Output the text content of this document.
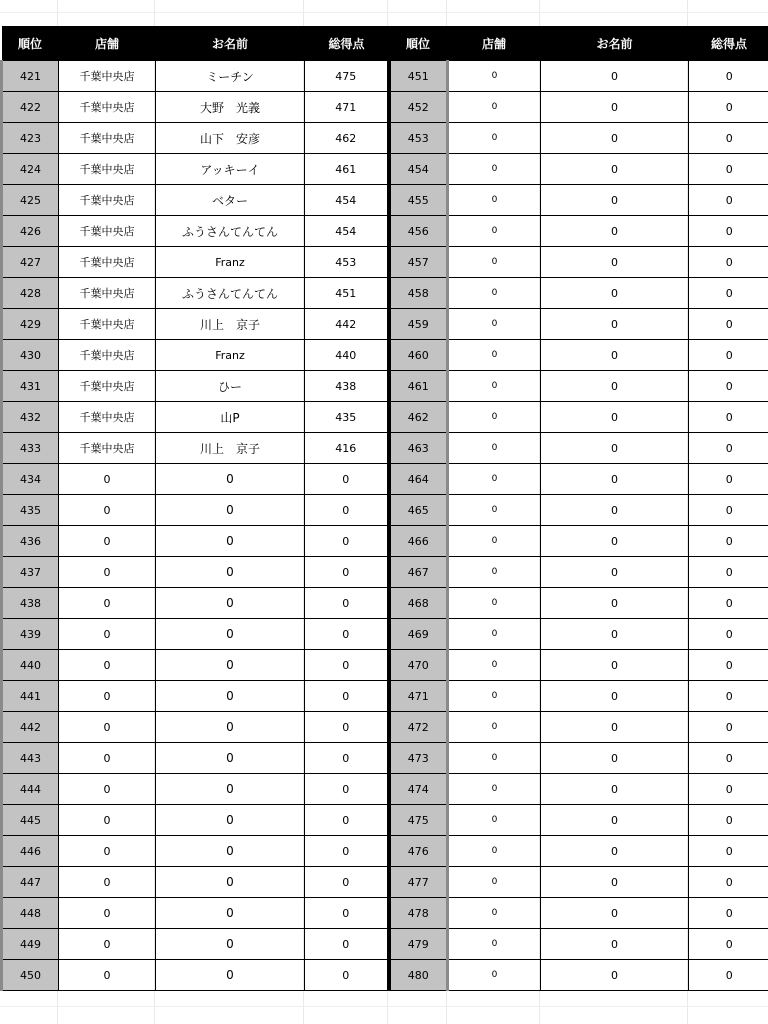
順位	店舗	お名前	総得点	順位	店舗	お名前	総得点
421	千葉中央店	ミーチン	475	451	0	0	0
422	千葉中央店	大野　光義	471	452	0	0	0
423	千葉中央店	山下　安彦	462	453	0	0	0
424	千葉中央店	アッキーイ	461	454	0	0	0
425	千葉中央店	ベター	454	455	0	0	0
426	千葉中央店	ふうさんてんてん	454	456	0	0	0
427	千葉中央店	Franz	453	457	0	0	0
428	千葉中央店	ふうさんてんてん	451	458	0	0	0
429	千葉中央店	川上　京子	442	459	0	0	0
430	千葉中央店	Franz	440	460	0	0	0
431	千葉中央店	ひー	438	461	0	0	0
432	千葉中央店	山P	435	462	0	0	0
433	千葉中央店	川上　京子	416	463	0	0	0
434	0	0	0	464	0	0	0
435	0	0	0	465	0	0	0
436	0	0	0	466	0	0	0
437	0	0	0	467	0	0	0
438	0	0	0	468	0	0	0
439	0	0	0	469	0	0	0
440	0	0	0	470	0	0	0
441	0	0	0	471	0	0	0
442	0	0	0	472	0	0	0
443	0	0	0	473	0	0	0
444	0	0	0	474	0	0	0
445	0	0	0	475	0	0	0
446	0	0	0	476	0	0	0
447	0	0	0	477	0	0	0
448	0	0	0	478	0	0	0
449	0	0	0	479	0	0	0
450	0	0	0	480	0	0	0
